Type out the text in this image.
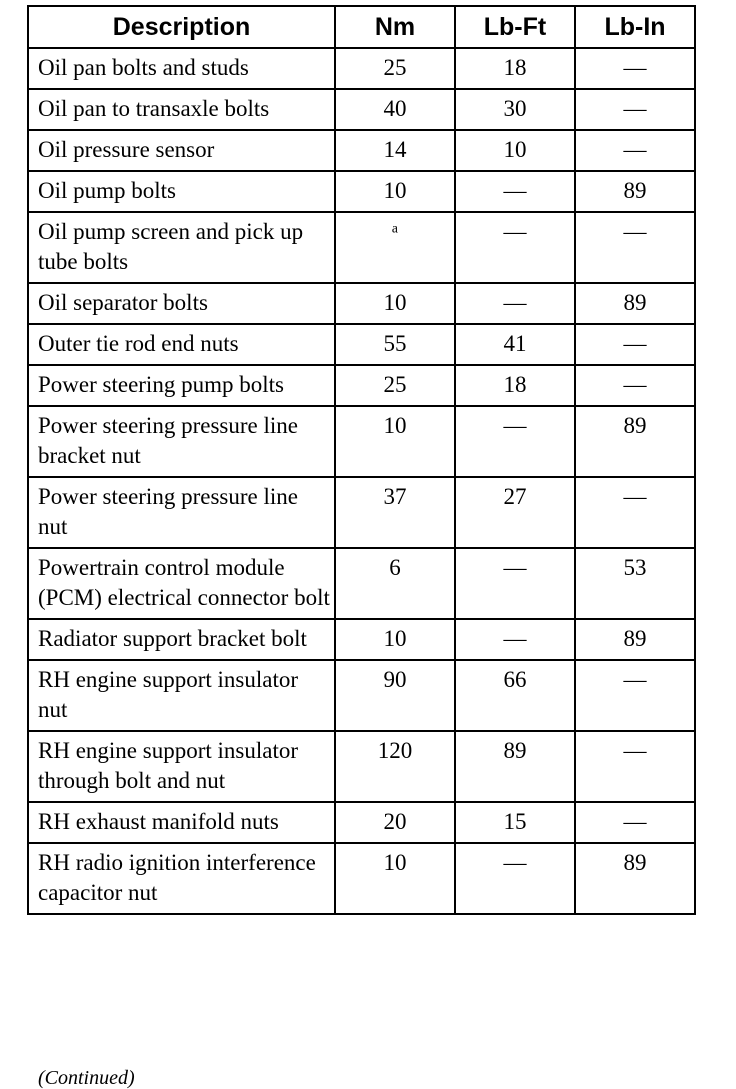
Description	Nm	Lb-Ft	Lb-In
Oil pan bolts and studs	25	18	—
Oil pan to transaxle bolts	40	30	—
Oil pressure sensor	14	10	—
Oil pump bolts	10	—	89
Oil pump screen and pick up tube bolts	ᵃ	—	—
Oil separator bolts	10	—	89
Outer tie rod end nuts	55	41	—
Power steering pump bolts	25	18	—
Power steering pressure line bracket nut	10	—	89
Power steering pressure line nut	37	27	—
Powertrain control module (PCM) electrical connector bolt	6	—	53
Radiator support bracket bolt	10	—	89
RH engine support insulator nut	90	66	—
RH engine support insulator through bolt and nut	120	89	—
RH exhaust manifold nuts	20	15	—
RH radio ignition interference capacitor nut	10	—	89
(Continued)
